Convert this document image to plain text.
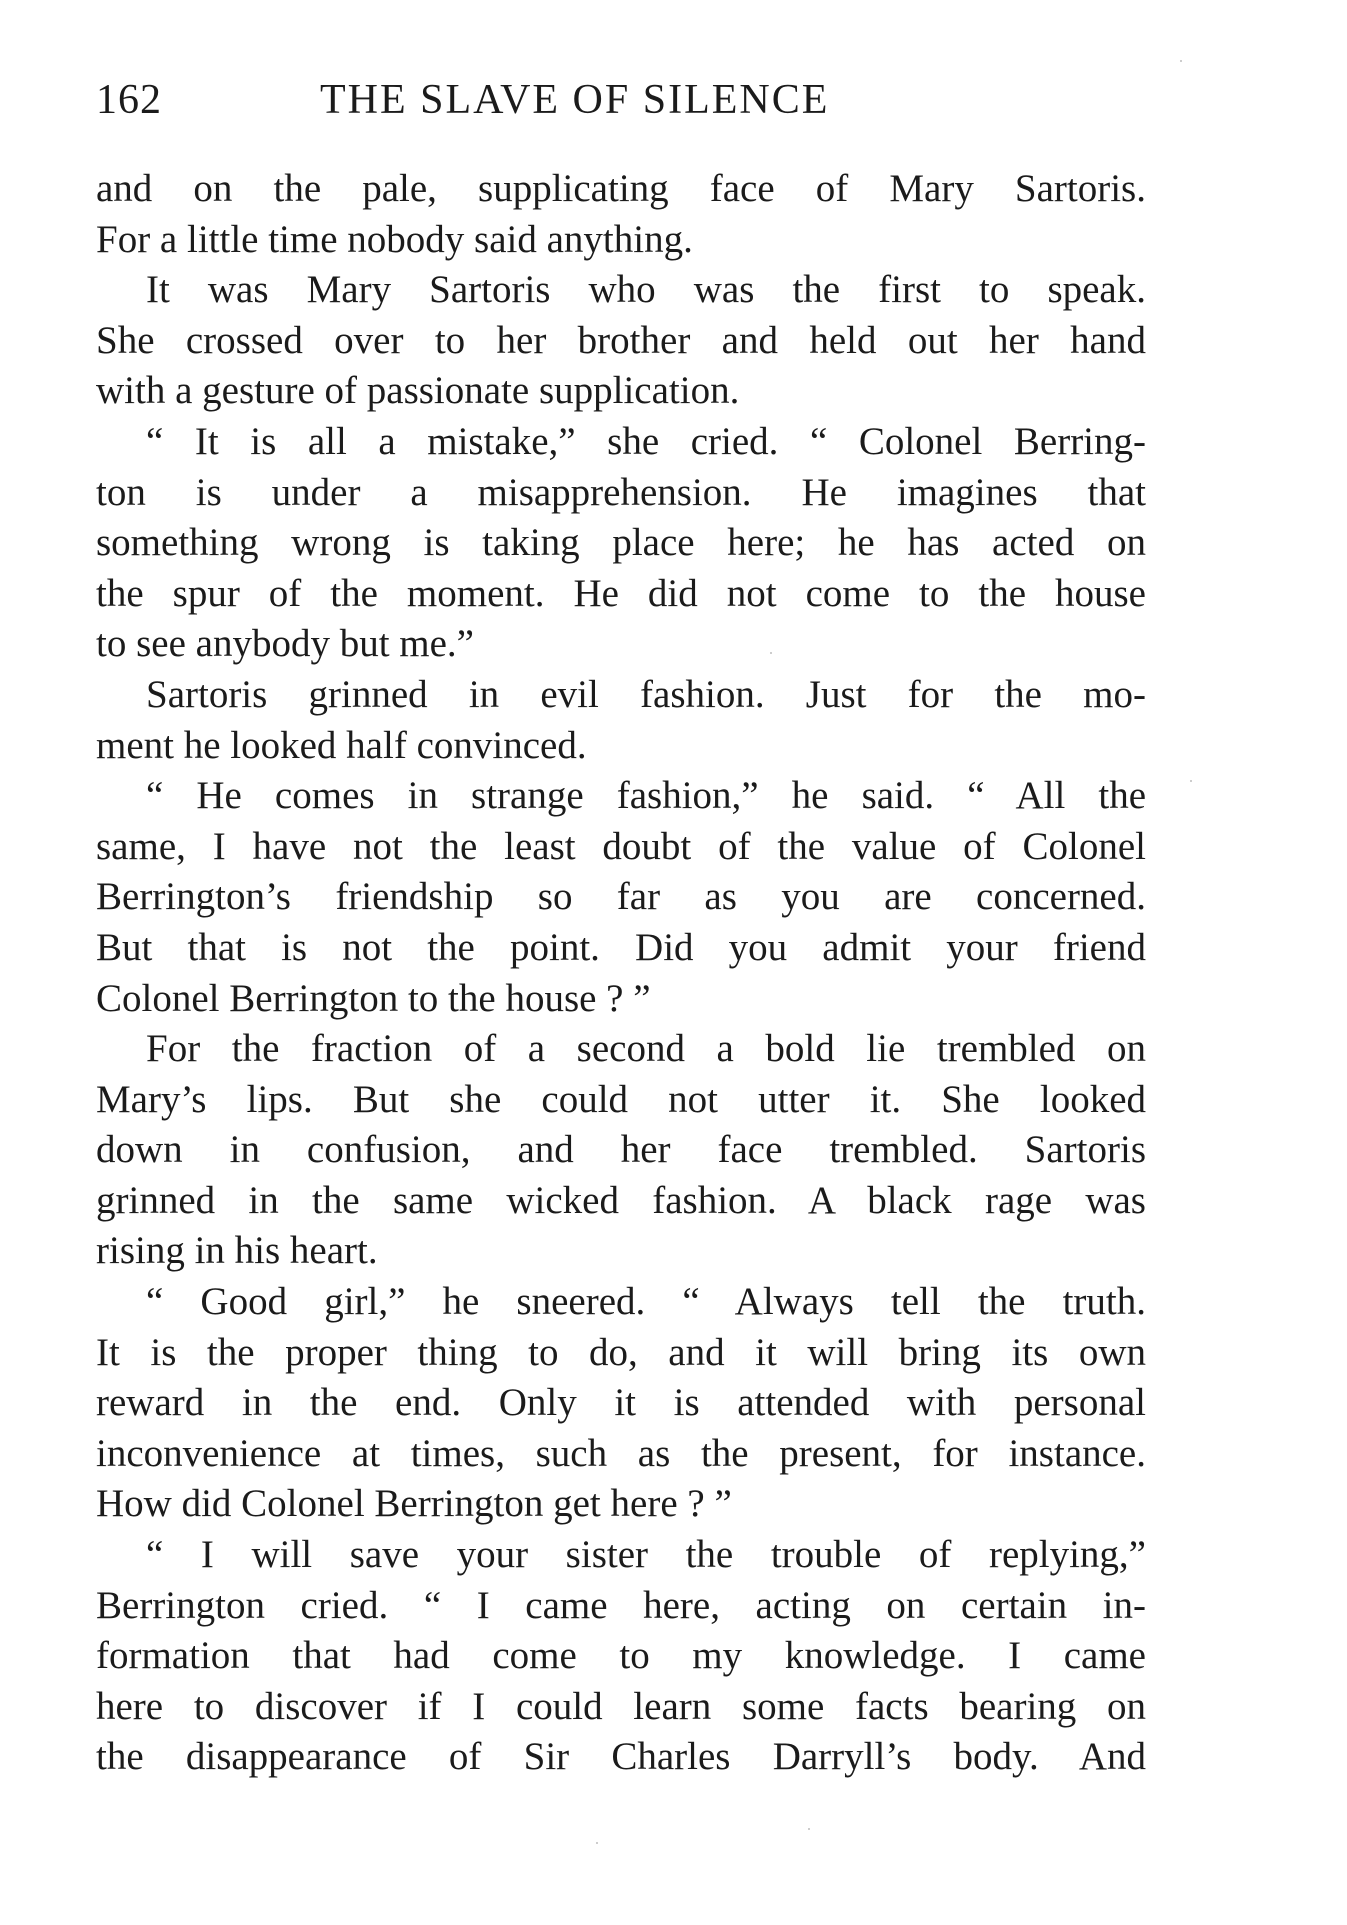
162	THE SLAVE OF SILENCE
and on the pale, supplicating face of Mary Sartoris.
For a little time nobody said anything.
It was Mary Sartoris who was the first to speak.
She crossed over to her brother and held out her hand
with a gesture of passionate supplication.
“ It is all a mistake,” she cried. “ Colonel Berring-
ton is under a misapprehension. He imagines that
something wrong is taking place here; he has acted on
the spur of the moment. He did not come to the house
to see anybody but me.”
Sartoris grinned in evil fashion. Just for the mo-
ment he looked half convinced.
“ He comes in strange fashion,” he said. “ All the
same, I have not the least doubt of the value of Colonel
Berrington’s friendship so far as you are concerned.
But that is not the point. Did you admit your friend
Colonel Berrington to the house ? ”
For the fraction of a second a bold lie trembled on
Mary’s lips. But she could not utter it. She looked
down in confusion, and her face trembled. Sartoris
grinned in the same wicked fashion. A black rage was
rising in his heart.
“ Good girl,” he sneered. “ Always tell the truth.
It is the proper thing to do, and it will bring its own
reward in the end. Only it is attended with personal
inconvenience at times, such as the present, for instance.
How did Colonel Berrington get here ? ”
“ I will save your sister the trouble of replying,”
Berrington cried. “ I came here, acting on certain in-
formation that had come to my knowledge. I came
here to discover if I could learn some facts bearing on
the disappearance of Sir Charles Darryll’s body. And
